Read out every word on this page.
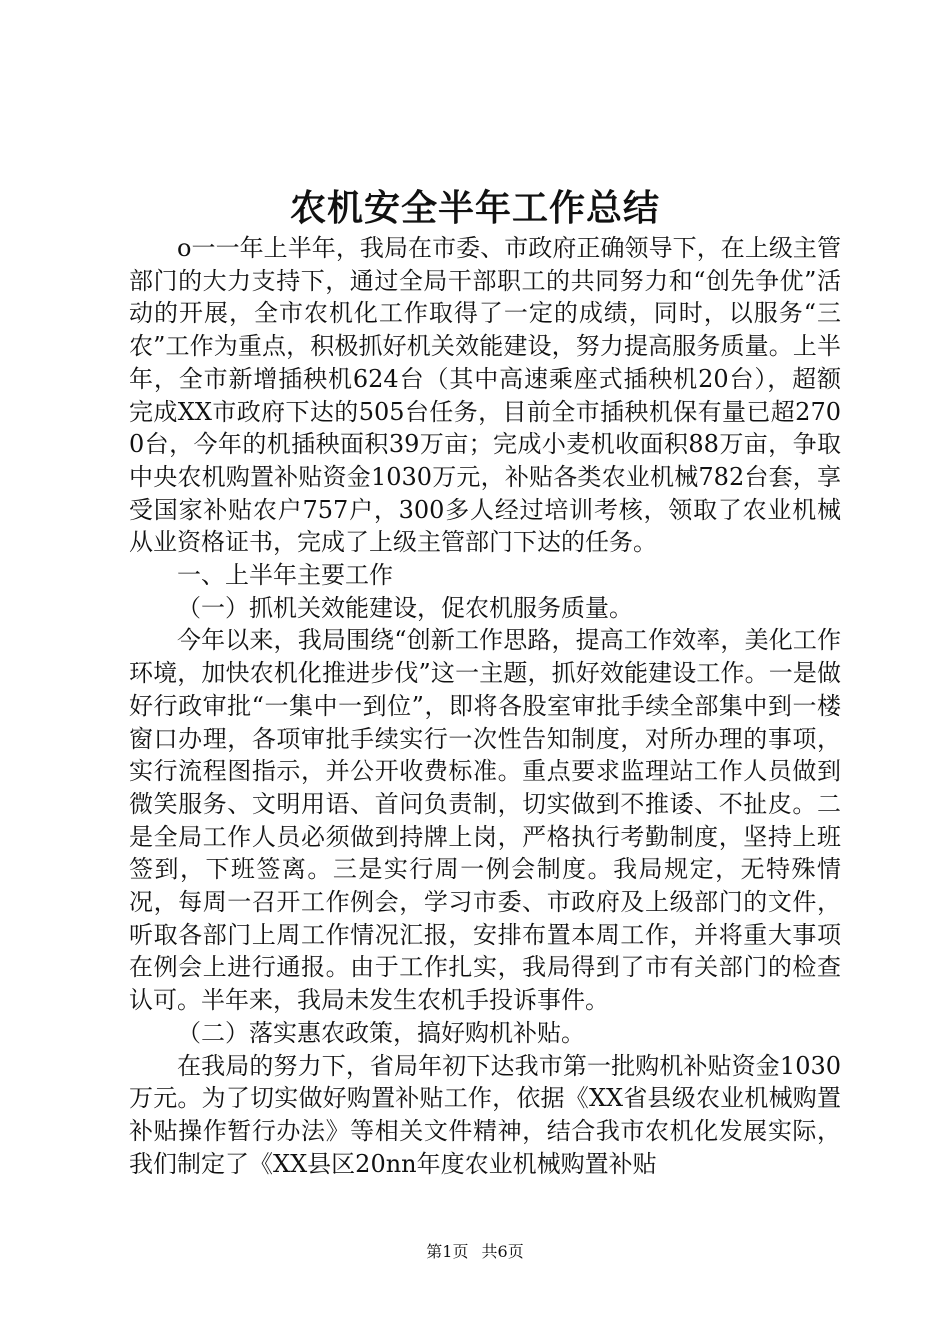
农机安全半年工作总结

o一一年上半年，我局在市委、市政府正确领导下，在上级主管部门的大力支持下，通过全局干部职工的共同努力和“创先争优”活动的开展，全市农机化工作取得了一定的成绩，同时，以服务“三农”工作为重点，积极抓好机关效能建设，努力提高服务质量。上半年，全市新增插秧机624台（其中高速乘座式插秧机20台），超额完成XX市政府下达的505台任务，目前全市插秧机保有量已超2700台，今年的机插秧面积39万亩；完成小麦机收面积88万亩，争取中央农机购置补贴资金1030万元，补贴各类农业机械782台套，享受国家补贴农户757户，300多人经过培训考核，领取了农业机械从业资格证书，完成了上级主管部门下达的任务。

一、上半年主要工作

（一）抓机关效能建设，促农机服务质量。

今年以来，我局围绕“创新工作思路，提高工作效率，美化工作环境，加快农机化推进步伐”这一主题，抓好效能建设工作。一是做好行政审批“一集中一到位”，即将各股室审批手续全部集中到一楼窗口办理，各项审批手续实行一次性告知制度，对所办理的事项，实行流程图指示，并公开收费标准。重点要求监理站工作人员做到微笑服务、文明用语、首问负责制，切实做到不推诿、不扯皮。二是全局工作人员必须做到持牌上岗，严格执行考勤制度，坚持上班签到，下班签离。三是实行周一例会制度。我局规定，无特殊情况，每周一召开工作例会，学习市委、市政府及上级部门的文件，听取各部门上周工作情况汇报，安排布置本周工作，并将重大事项在例会上进行通报。由于工作扎实，我局得到了市有关部门的检查认可。半年来，我局未发生农机手投诉事件。

（二）落实惠农政策，搞好购机补贴。

在我局的努力下，省局年初下达我市第一批购机补贴资金1030万元。为了切实做好购置补贴工作，依据《XX省县级农业机械购置补贴操作暂行办法》等相关文件精神，结合我市农机化发展实际，我们制定了《XX县区20nn年度农业机械购置补贴

第1页 共6页
